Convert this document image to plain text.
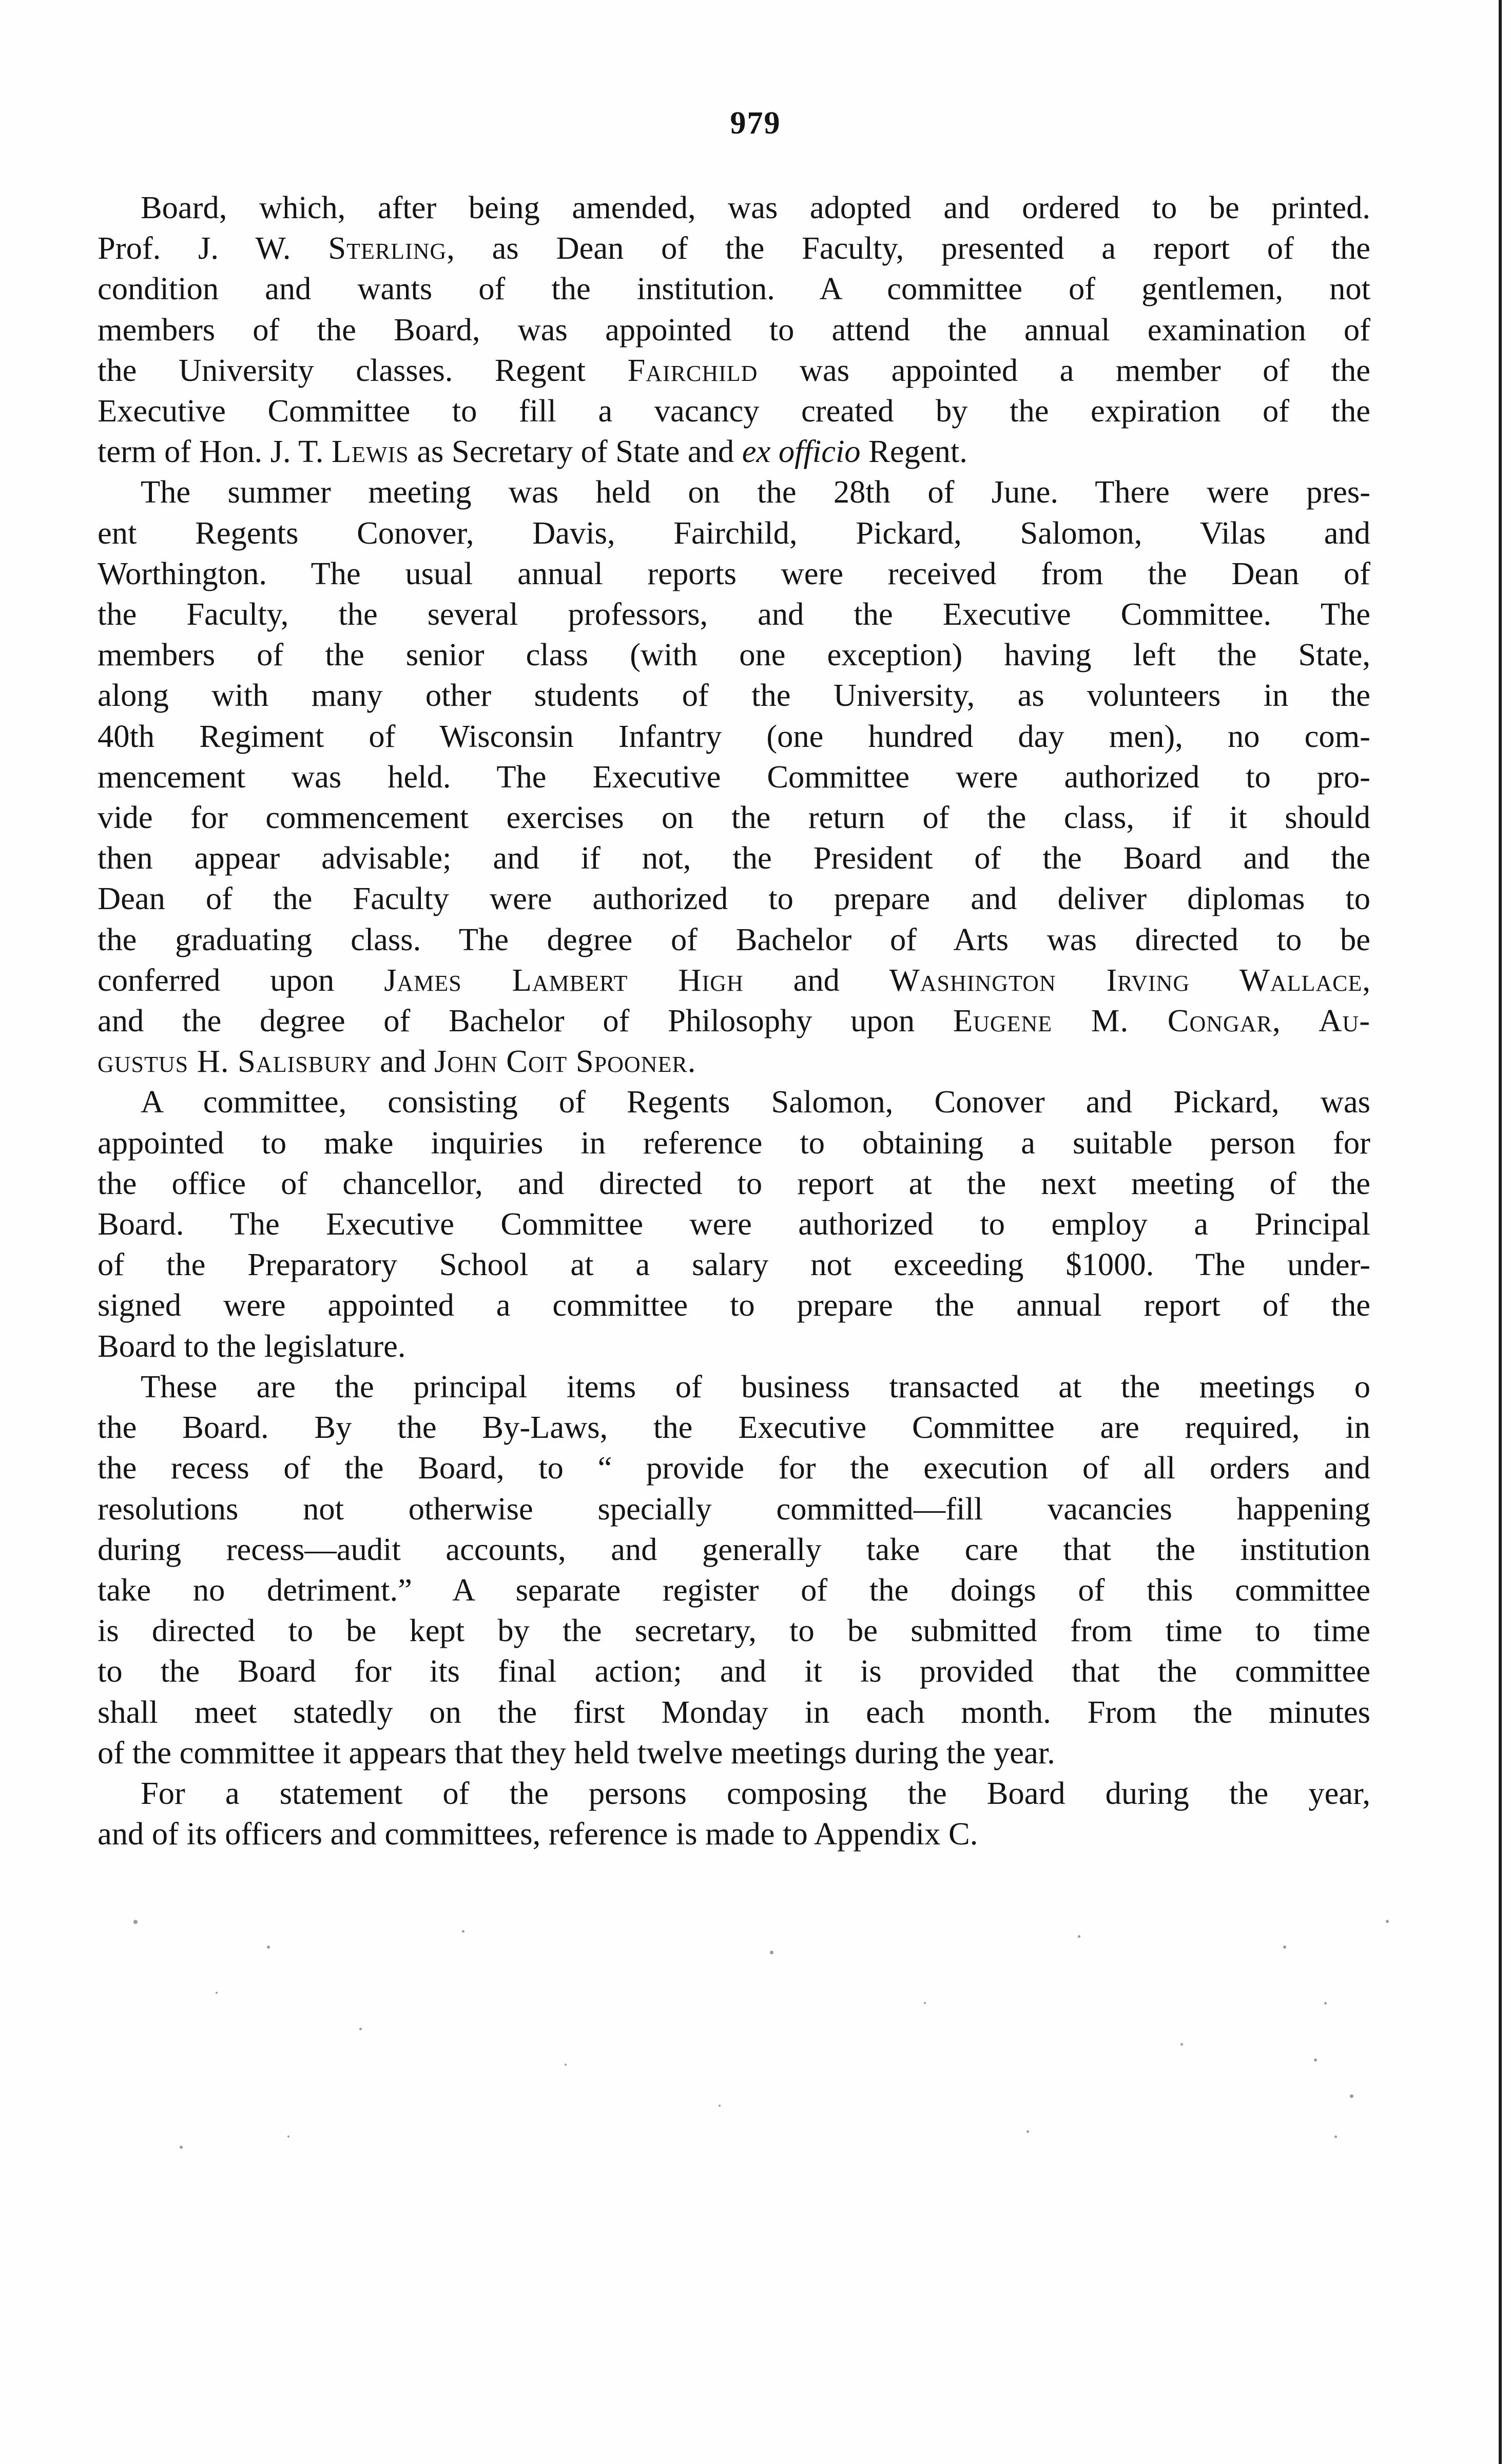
979
Board, which, after being amended, was adopted and ordered to be printed.
Prof. J. W. Sterling, as Dean of the Faculty, presented a report of the
condition and wants of the institution. A committee of gentlemen, not
members of the Board, was appointed to attend the annual examination of
the University classes. Regent Fairchild was appointed a member of the
Executive Committee to fill a vacancy created by the expiration of the
term of Hon. J. T. Lewis as Secretary of State and ex officio Regent.
The summer meeting was held on the 28th of June. There were pres-
ent Regents Conover, Davis, Fairchild, Pickard, Salomon, Vilas and
Worthington. The usual annual reports were received from the Dean of
the Faculty, the several professors, and the Executive Committee. The
members of the senior class (with one exception) having left the State,
along with many other students of the University, as volunteers in the
40th Regiment of Wisconsin Infantry (one hundred day men), no com-
mencement was held. The Executive Committee were authorized to pro-
vide for commencement exercises on the return of the class, if it should
then appear advisable; and if not, the President of the Board and the
Dean of the Faculty were authorized to prepare and deliver diplomas to
the graduating class. The degree of Bachelor of Arts was directed to be
conferred upon James Lambert High and Washington Irving Wallace,
and the degree of Bachelor of Philosophy upon Eugene M. Congar, Au-
gustus H. Salisbury and John Coit Spooner.
A committee, consisting of Regents Salomon, Conover and Pickard, was
appointed to make inquiries in reference to obtaining a suitable person for
the office of chancellor, and directed to report at the next meeting of the
Board. The Executive Committee were authorized to employ a Principal
of the Preparatory School at a salary not exceeding $1000. The under-
signed were appointed a committee to prepare the annual report of the
Board to the legislature.
These are the principal items of business transacted at the meetings o
the Board. By the By-Laws, the Executive Committee are required, in
the recess of the Board, to “ provide for the execution of all orders and
resolutions not otherwise specially committed—fill vacancies happening
during recess—audit accounts, and generally take care that the institution
take no detriment.” A separate register of the doings of this committee
is directed to be kept by the secretary, to be submitted from time to time
to the Board for its final action; and it is provided that the committee
shall meet statedly on the first Monday in each month. From the minutes
of the committee it appears that they held twelve meetings during the year.
For a statement of the persons composing the Board during the year,
and of its officers and committees, reference is made to Appendix C.
